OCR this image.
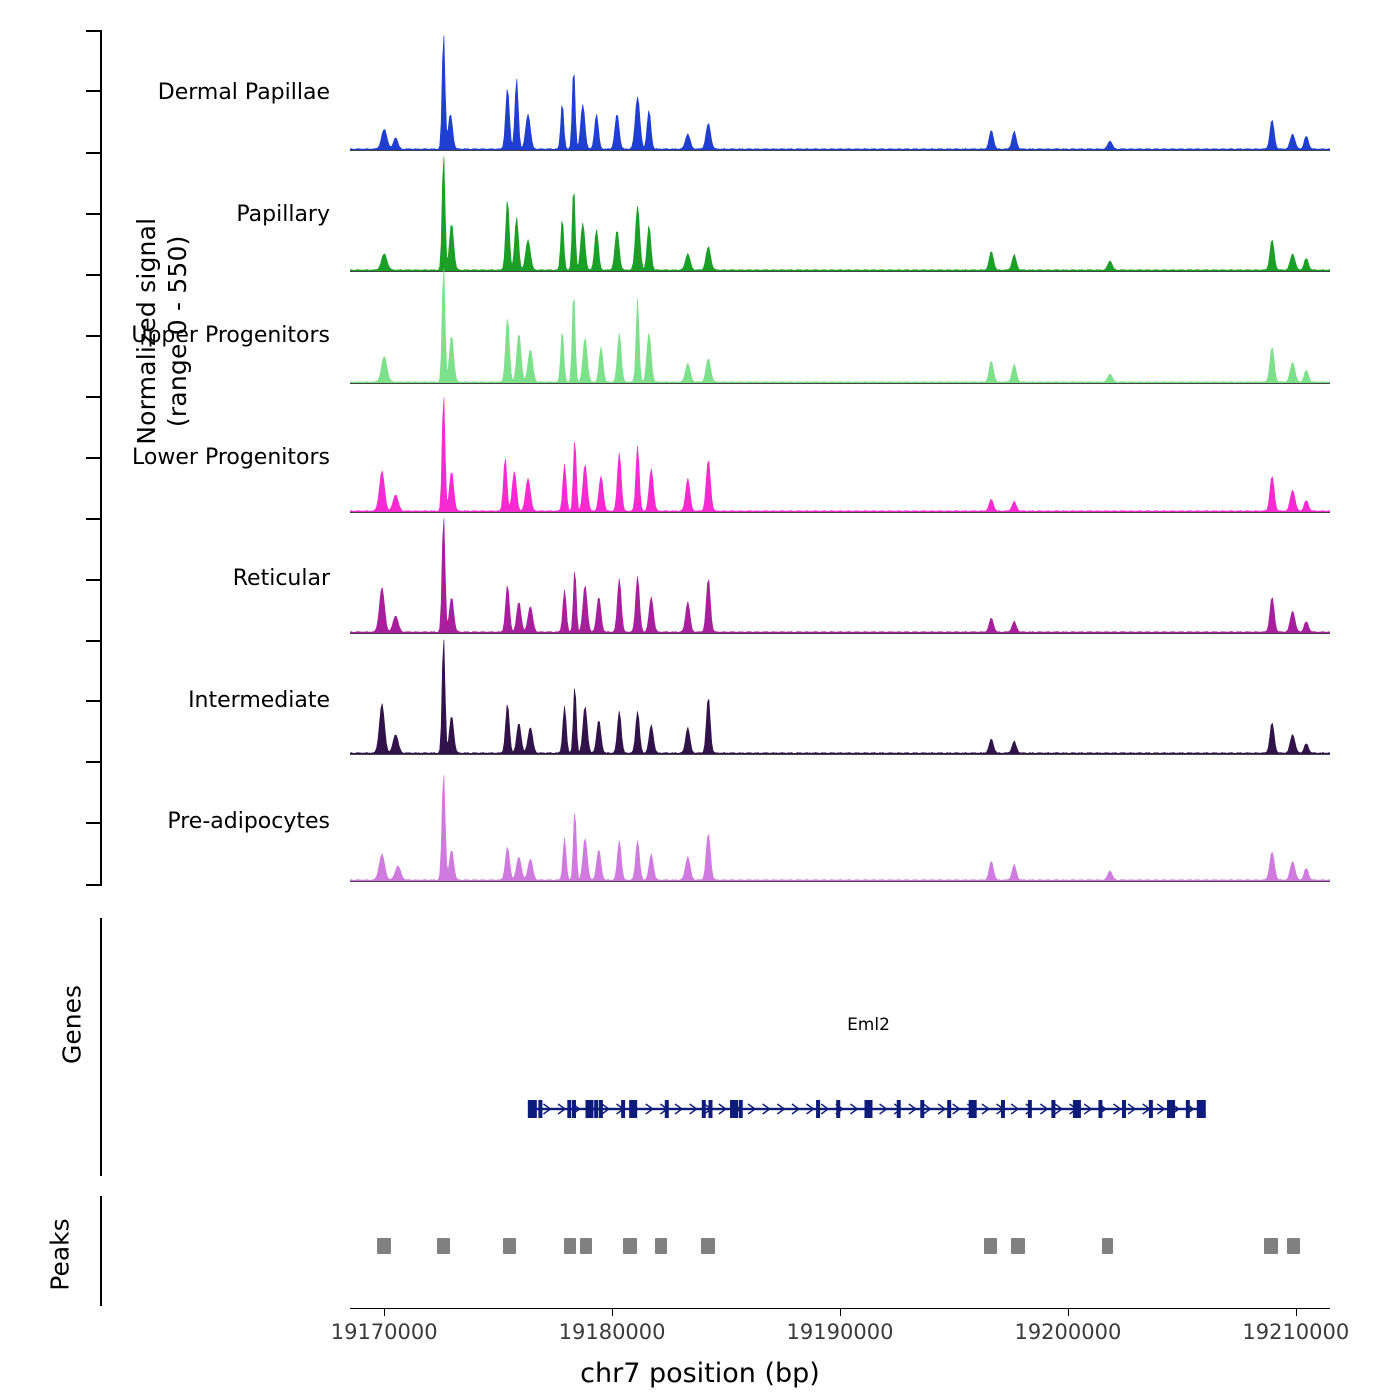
Normalized signal (range 0 - 550)
Dermal Papillae
Papillary
Upper Progenitors
Lower Progenitors
Reticular
Intermediate
Pre-adipocytes
Genes	Eml2
Peaks
19170000	19180000	19190000	19200000	19210000
chr7 position (bp)
